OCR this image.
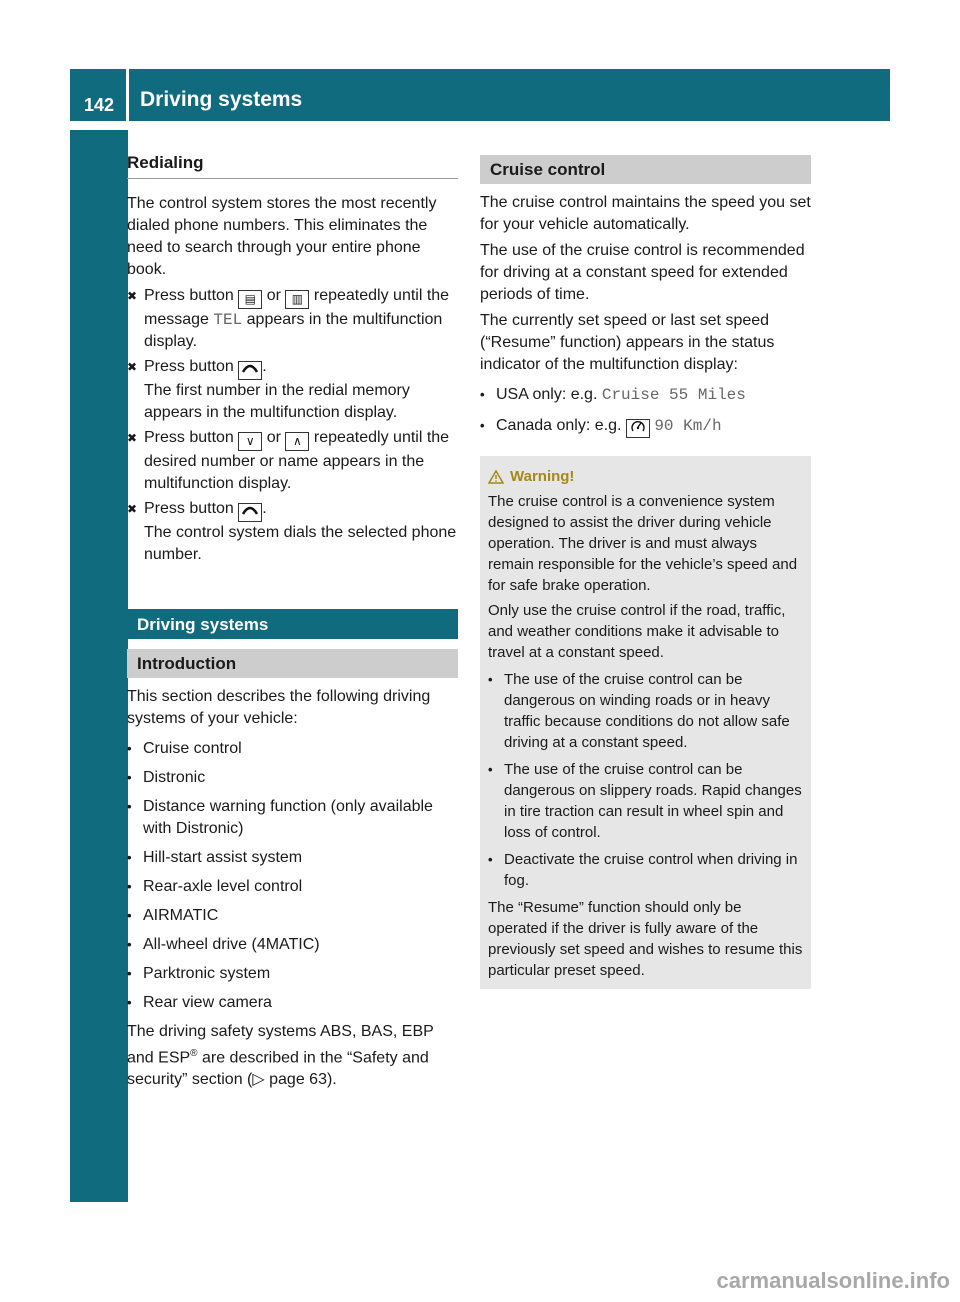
142	Driving systems
Controls in detail
Redialing

The control system stores the most recently dialed phone numbers. This eliminates the need to search through your entire phone book.

✖ Press button ▤ or ▥ repeatedly until the message TEL appears in the multifunction display.
✖ Press button .
The first number in the redial memory appears in the multifunction display.
✖ Press button ∨ or ∧ repeatedly until the desired number or name appears in the multifunction display.
✖ Press button .
The control system dials the selected phone number.
Driving systems
Introduction

This section describes the following driving systems of your vehicle:

• Cruise control
• Distronic
• Distance warning function (only available with Distronic)
• Hill-start assist system
• Rear-axle level control
• AIRMATIC
• All-wheel drive (4MATIC)
• Parktronic system
• Rear view camera

The driving safety systems ABS, BAS, EBP and ESP® are described in the “Safety and security” section (▷ page 63).

Cruise control

The cruise control maintains the speed you set for your vehicle automatically.

The use of the cruise control is recommended for driving at a constant speed for extended periods of time.

The currently set speed or last set speed (“Resume” function) appears in the status indicator of the multifunction display:

• USA only: e.g. Cruise 55 Miles
• Canada only: e.g. 90 Km/h
Warning!

The cruise control is a convenience system designed to assist the driver during vehicle operation. The driver is and must always remain responsible for the vehicle’s speed and for safe brake operation.

Only use the cruise control if the road, traffic, and weather conditions make it advisable to travel at a constant speed.

• The use of the cruise control can be dangerous on winding roads or in heavy traffic because conditions do not allow safe driving at a constant speed.
• The use of the cruise control can be dangerous on slippery roads. Rapid changes in tire traction can result in wheel spin and loss of control.
• Deactivate the cruise control when driving in fog.

The “Resume” function should only be operated if the driver is fully aware of the previously set speed and wishes to resume this particular preset speed.

carmanualsonline.info
